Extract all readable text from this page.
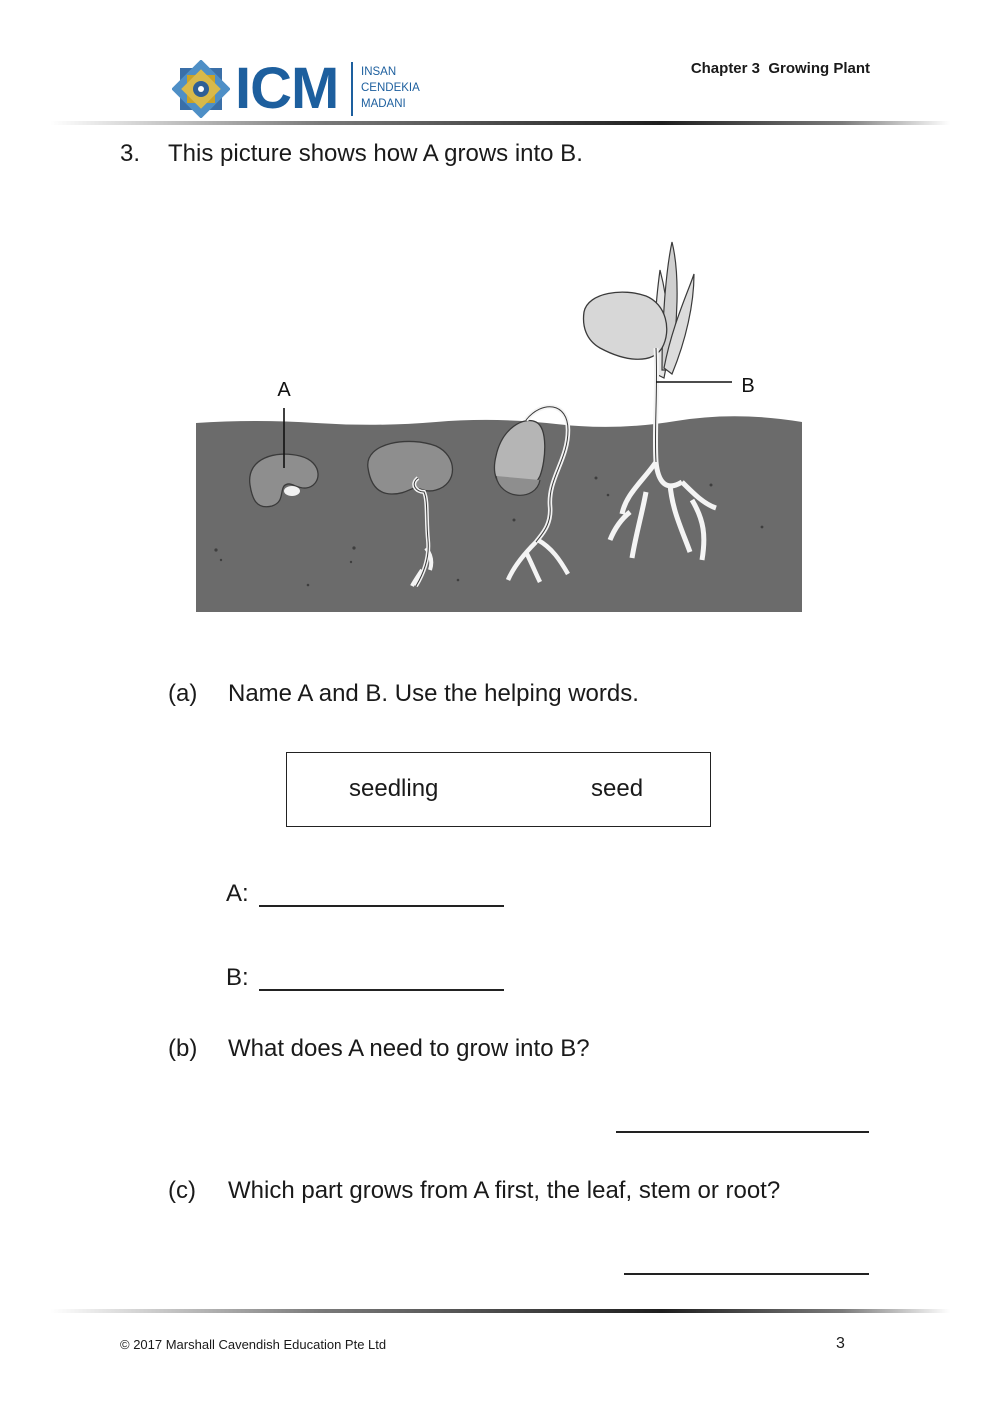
ICM INSAN
CENDEKIA
MADANI
Chapter 3  Growing Plant
3. This picture shows how A grows into B.
A	B
(a) Name A and B. Use the helping words.
seedling	seed
A:
B:
(b) What does A need to grow into B?
(c) Which part grows from A first, the leaf, stem or root?
© 2017 Marshall Cavendish Education Pte Ltd	3
